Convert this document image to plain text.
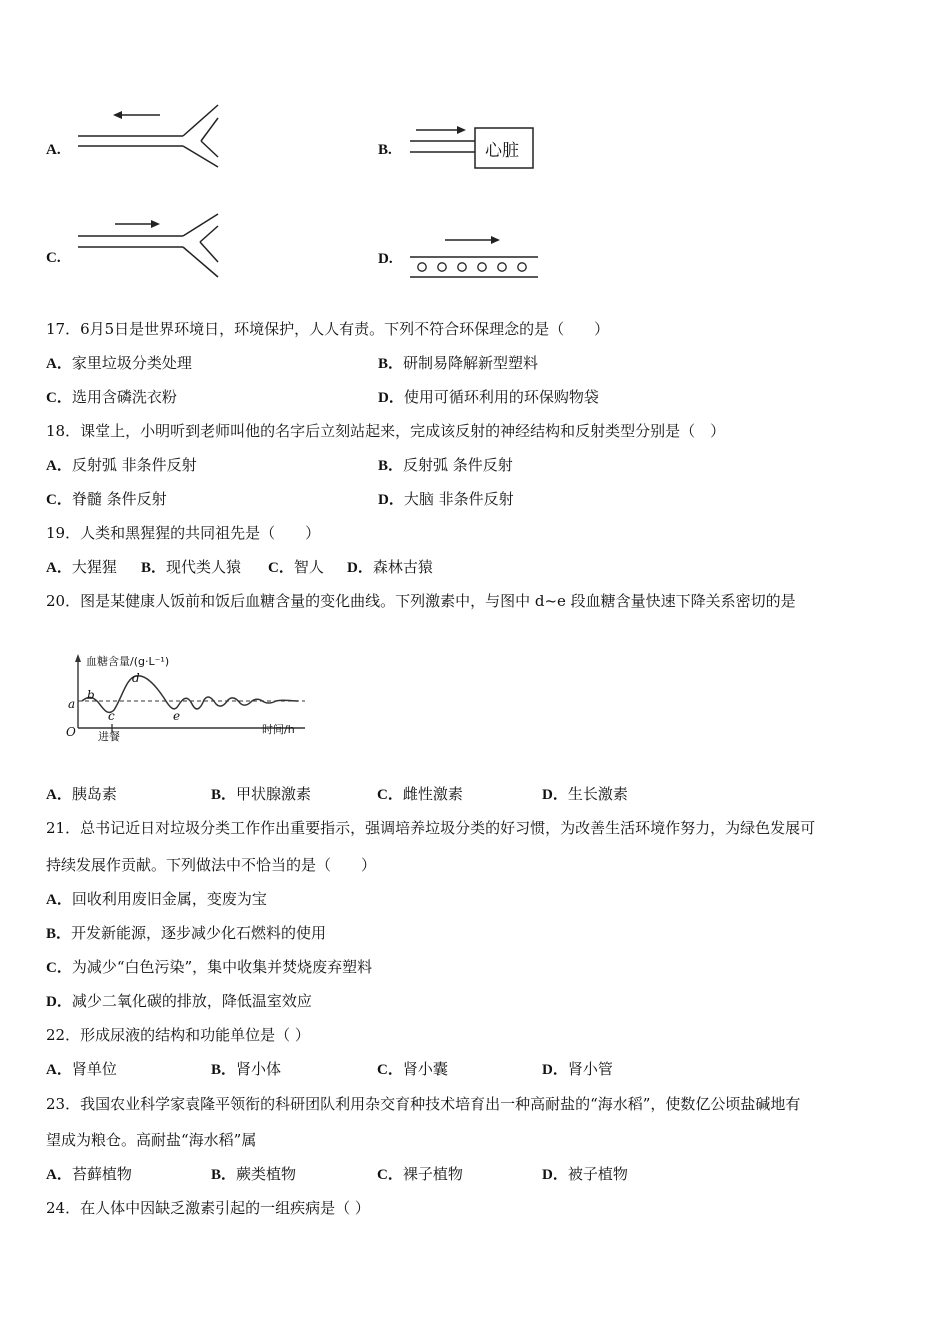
A.	B.	心脏
C.	D.
17．6月5日是世界环境日，环境保护，人人有责。下列不符合环保理念的是（　　）
A．家里垃圾分类处理	B．研制易降解新型塑料
C．选用含磷洗衣粉	D．使用可循环利用的环保购物袋
18．课堂上，小明听到老师叫他的名字后立刻站起来，完成该反射的神经结构和反射类型分别是（　）
A．反射弧 非条件反射	B．反射弧 条件反射
C．脊髓 条件反射	D．大脑 非条件反射
19．人类和黑猩猩的共同祖先是（　　）
A．大猩猩 B．现代类人猿 C．智人 D．森林古猿
20．图是某健康人饭前和饭后血糖含量的变化曲线。下列激素中，与图中 d~e 段血糖含量快速下降关系密切的是
血糖含量/(g·L⁻¹)
a
b
c
d
e
O 进餐
时间/h
A．胰岛素	B．甲状腺激素	C．雌性激素	D．生长激素
21．总书记近日对垃圾分类工作作出重要指示，强调培养垃圾分类的好习惯，为改善生活环境作努力，为绿色发展可
持续发展作贡献。下列做法中不恰当的是（　　）
A．回收利用废旧金属，变废为宝
B．开发新能源，逐步减少化石燃料的使用
C．为减少“白色污染”，集中收集并焚烧废弃塑料
D．减少二氧化碳的排放，降低温室效应
22．形成尿液的结构和功能单位是（ ）
A．肾单位	B．肾小体	C．肾小囊	D．肾小管
23．我国农业科学家袁隆平领衔的科研团队利用杂交育种技术培育出一种高耐盐的“海水稻”，使数亿公顷盐碱地有
望成为粮仓。高耐盐“海水稻”属
A．苔藓植物	B．蕨类植物	C．裸子植物	D．被子植物
24．在人体中因缺乏激素引起的一组疾病是（ ）
